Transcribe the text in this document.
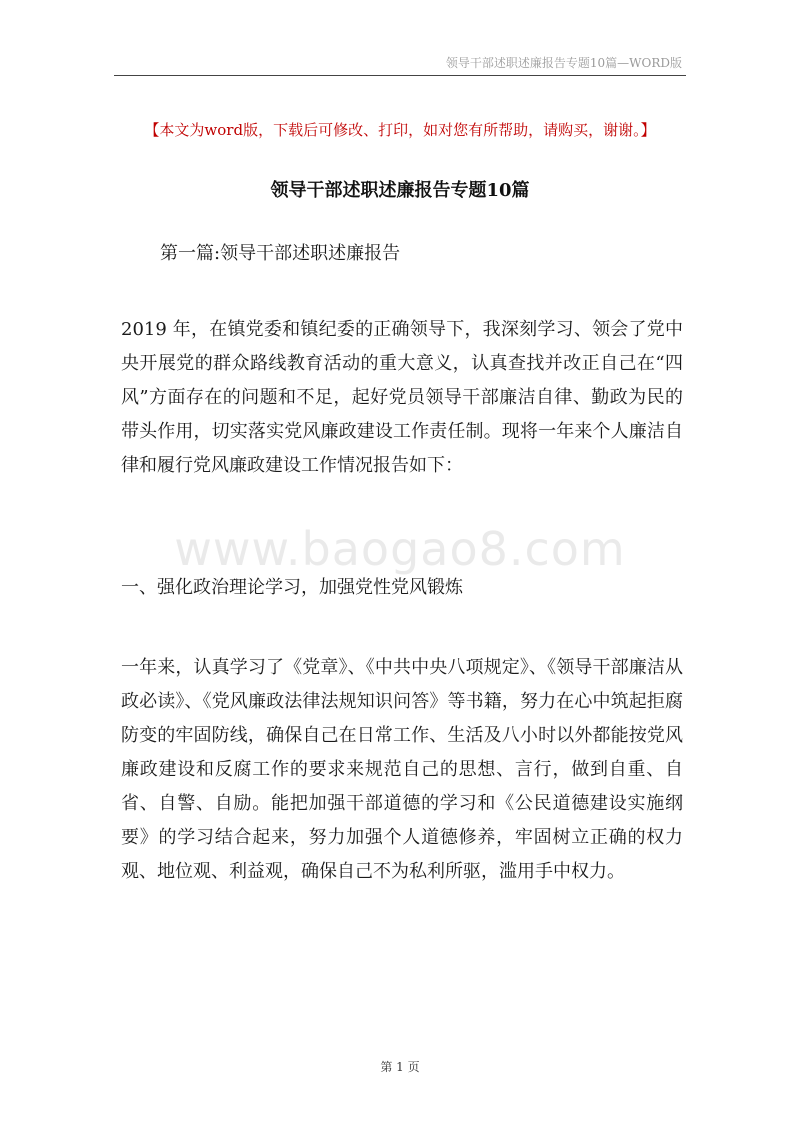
领导干部述职述廉报告专题10篇—WORD版
【本文为word版，下载后可修改、打印，如对您有所帮助，请购买，谢谢。】
领导干部述职述廉报告专题10篇
第一篇:领导干部述职述廉报告

2019 年，在镇党委和镇纪委的正确领导下，我深刻学习、领会了党中央开展党的群众路线教育活动的重大意义，认真查找并改正自己在“四风”方面存在的问题和不足，起好党员领导干部廉洁自律、勤政为民的带头作用，切实落实党风廉政建设工作责任制。现将一年来个人廉洁自律和履行党风廉政建设工作情况报告如下：

www.baogao8.com
一、强化政治理论学习，加强党性党风锻炼

一年来，认真学习了《党章》、《中共中央八项规定》、《领导干部廉洁从政必读》、《党风廉政法律法规知识问答》等书籍，努力在心中筑起拒腐防变的牢固防线，确保自己在日常工作、生活及八小时以外都能按党风廉政建设和反腐工作的要求来规范自己的思想、言行，做到自重、自省、自警、自励。能把加强干部道德的学习和《公民道德建设实施纲要》的学习结合起来，努力加强个人道德修养，牢固树立正确的权力观、地位观、利益观，确保自己不为私利所驱，滥用手中权力。

第 1 页
